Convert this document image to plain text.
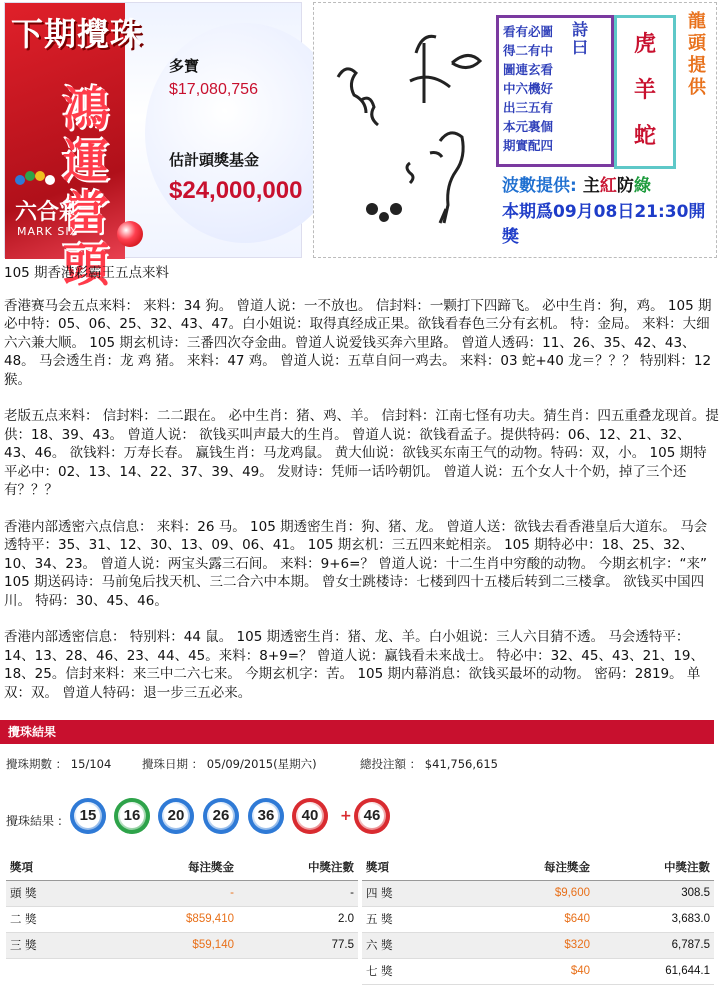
下期攪珠
鴻運當頭
六合彩
MARK SIX
多寶
$17,080,756
估計頭獎基金
$24,000,000
看有必圖
得二有中
圖連玄看
中六機好
出三五有
本元裏個
期實配四
詩曰	虎
羊
蛇
龍頭提供
波數提供: 主紅防綠
本期爲09月08日21:30開獎

105 期香港彩霸王五点来料

香港赛马会五点来料： 来料：34 狗。 曾道人说：一不放也。 信封料：一颗打下四蹄飞。 必中生肖：狗，鸡。 105 期必中特：05、06、25、32、43、47。白小姐说：取得真经成正果。欲钱看春色三分有玄机。 特：金局。 来料：大细六六兼大顺。 105 期玄机诗：三番四次夺金曲。曾道人说爱钱买奔六里路。 曾道人透码：11、26、35、42、43、48。 马会透生肖：龙 鸡 猪。 来料：47 鸡。 曾道人说：五草自问一鸡去。 来料：03 蛇+40 龙＝？？？ 特别料：12 猴。

老版五点来料： 信封料：二二跟在。 必中生肖：猪、鸡、羊。 信封料：江南七怪有功夫。猜生肖：四五重叠龙现首。提供：18、39、43。 曾道人说： 欲钱买叫声最大的生肖。 曾道人说：欲钱看孟子。提供特码：06、12、21、32、43、46。 欲钱料：万寿长春。 赢钱生肖：马龙鸡鼠。 黄大仙说：欲钱买东南王气的动物。特码：双，小。 105 期特平必中：02、13、14、22、37、39、49。 发财诗：凭师一话吟朝饥。 曾道人说：五个女人十个奶，掉了三个还有？？？

香港内部透密六点信息： 来料：26 马。 105 期透密生肖：狗、猪、龙。 曾道人送：欲钱去看香港皇后大道东。 马会透特平：35、31、12、30、13、09、06、41。 105 期玄机：三五四来蛇相亲。 105 期特必中：18、25、32、10、34、23。 曾道人说：两宝头露三石间。 来料：9+6=？ 曾道人说：十二生肖中穷酸的动物。 今期玄机字：“来” 105 期送码诗：马前兔后找天机、三二合六中本期。 曾女士跳楼诗：七楼到四十五楼后转到二三楼拿。 欲钱买中国四川。 特码：30、45、46。

香港内部透密信息： 特别料：44 鼠。 105 期透密生肖：猪、龙、羊。白小姐说：三人六目猜不透。 马会透特平：14、13、28、46、23、44、45。来料：8+9=？ 曾道人说：赢钱看未来战士。 特必中：32、45、43、21、19、18、25。信封来料：来三中二六七来。 今期玄机字：苦。 105 期内幕消息：欲钱买最坏的动物。 密码：2819。 单双：双。 曾道人特码：退一步三五必来。

攪珠結果
攪珠期數 ： 15/104	攪珠日期 ： 05/09/2015(星期六)	總投注額 ： $41,756,615
攪珠結果 : 15 16 20 26 36 40 + 46
獎項	每注獎金	中獎注數
頭 獎	-	-
二 獎	$859,410	2.0
三 獎	$59,140	77.5
獎項	每注獎金	中獎注數
四 獎	$9,600	308.5
五 獎	$640	3,683.0
六 獎	$320	6,787.5
七 獎	$40	61,644.1
